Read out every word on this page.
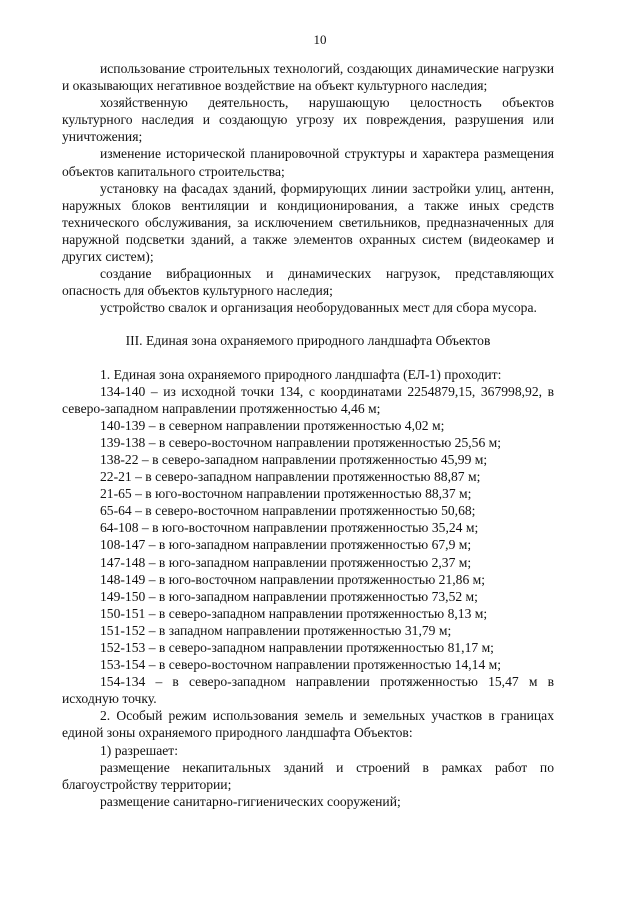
10

использование строительных технологий, создающих динамические нагрузки и оказывающих негативное воздействие на объект культурного наследия;

хозяйственную деятельность, нарушающую целостность объектов культурного наследия и создающую угрозу их повреждения, разрушения или уничтожения;

изменение исторической планировочной структуры и характера размещения объектов капитального строительства;

установку на фасадах зданий, формирующих линии застройки улиц, антенн, наружных блоков вентиляции и кондиционирования, а также иных средств технического обслуживания, за исключением светильников, предназначенных для наружной подсветки зданий, а также элементов охранных систем (видеокамер и других систем);

создание вибрационных и динамических нагрузок, представляющих опасность для объектов культурного наследия;

устройство свалок и организация необорудованных мест для сбора мусора.

III. Единая зона охраняемого природного ландшафта Объектов

1. Единая зона охраняемого природного ландшафта (ЕЛ-1) проходит:

134-140 – из исходной точки 134, с координатами 2254879,15, 367998,92, в северо-западном направлении протяженностью 4,46 м;

140-139 – в северном направлении протяженностью 4,02 м;

139-138 – в северо-восточном направлении протяженностью 25,56 м;

138-22 – в северо-западном направлении протяженностью 45,99 м;

22-21 – в северо-западном направлении протяженностью 88,87 м;

21-65 – в юго-восточном направлении протяженностью 88,37 м;

65-64 – в северо-восточном направлении протяженностью 50,68;

64-108 – в юго-восточном направлении протяженностью 35,24 м;

108-147 – в юго-западном направлении протяженностью 67,9 м;

147-148 – в юго-западном направлении протяженностью 2,37 м;

148-149 – в юго-восточном направлении протяженностью 21,86 м;

149-150 – в юго-западном направлении протяженностью 73,52 м;

150-151 – в северо-западном направлении протяженностью 8,13 м;

151-152 – в западном направлении протяженностью 31,79 м;

152-153 – в северо-западном направлении протяженностью 81,17 м;

153-154 – в северо-восточном направлении протяженностью 14,14 м;

154-134 – в северо-западном направлении протяженностью 15,47 м в исходную точку.

2. Особый режим использования земель и земельных участков в границах единой зоны охраняемого природного ландшафта Объектов:

1) разрешает:

размещение некапитальных зданий и строений в рамках работ по благоустройству территории;

размещение санитарно-гигиенических сооружений;
